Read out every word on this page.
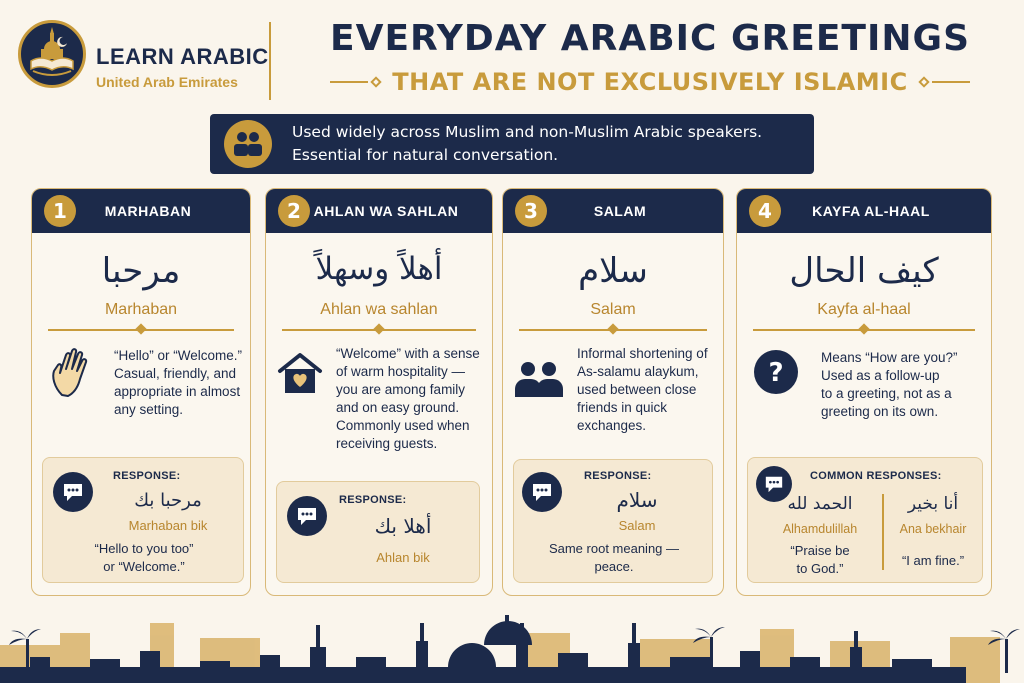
LEARN ARABIC
United Arab Emirates
EVERYDAY ARABIC GREETINGS
THAT ARE NOT EXCLUSIVELY ISLAMIC
Used widely across Muslim and non-Muslim Arabic speakers.
Essential for natural conversation.
1	MARHABAN
مرحبا
Marhaban
“Hello” or “Welcome.”
Casual, friendly, and
appropriate in almost
any setting.
RESPONSE:
مرحبا بك
Marhaban bik
“Hello to you too”
or “Welcome.”
2 AHLAN WA SAHLAN
أهلاً وسهلاً
Ahlan wa sahlan
“Welcome” with a sense
of warm hospitality —
you are among family
and on easy ground.
Commonly used when
receiving guests.
RESPONSE:
أهلا بك
Ahlan bik
3	SALAM
سلام
Salam
Informal shortening of
As-salamu alaykum,
used between close
friends in quick
exchanges.
RESPONSE:
سلام
Salam
Same root meaning —
peace.
4	KAYFA AL-HAAL
كيف الحال
Kayfa al-haal
?
Means “How are you?”
Used as a follow-up
to a greeting, not as a
greeting on its own.
COMMON RESPONSES:
الحمد لله
Alhamdulillah
“Praise be
to God.”
أنا بخير
Ana bekhair
“I am fine.”
